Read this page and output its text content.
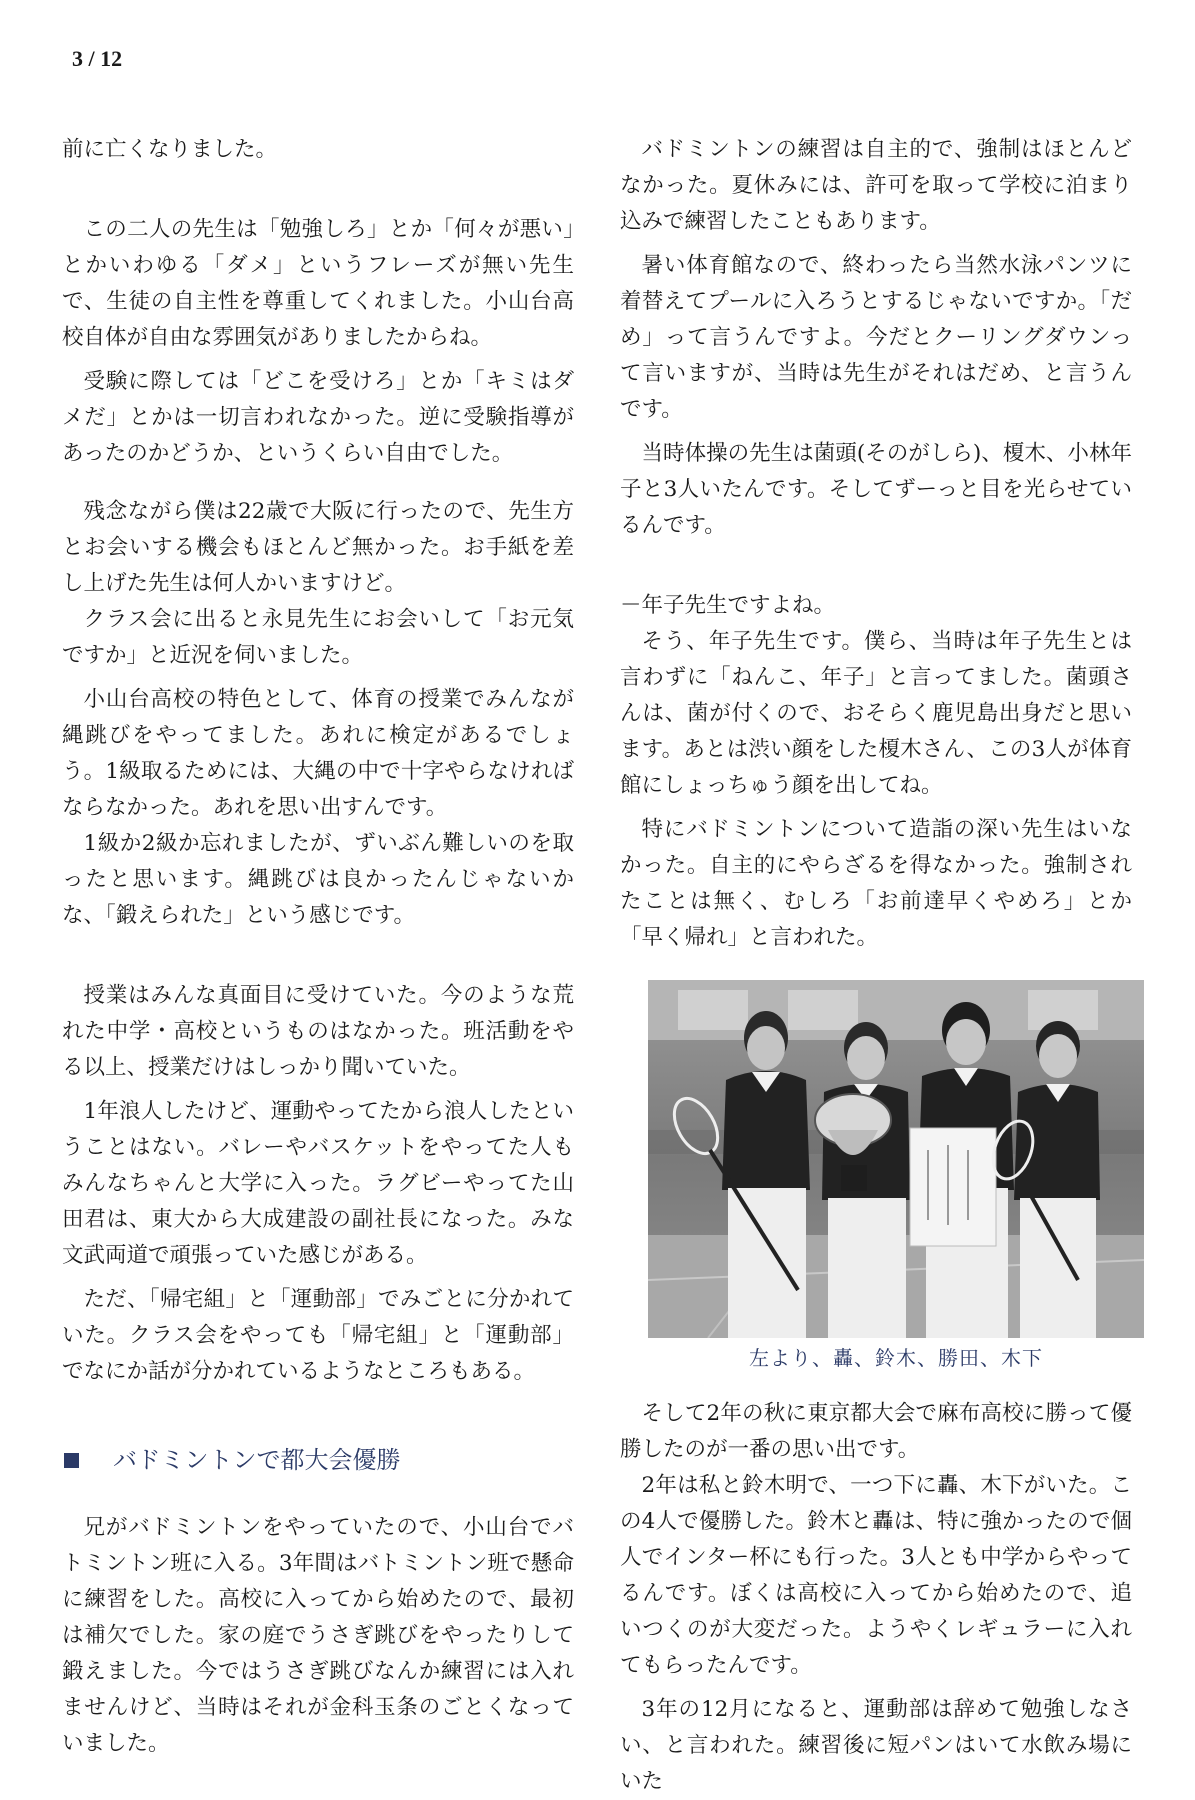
3 / 12

前に亡くなりました。

この二人の先生は「勉強しろ」とか「何々が悪い」とかいわゆる「ダメ」というフレーズが無い先生で、生徒の自主性を尊重してくれました。小山台高校自体が自由な雰囲気がありましたからね。

受験に際しては「どこを受けろ」とか「キミはダメだ」とかは一切言われなかった。逆に受験指導があったのかどうか、というくらい自由でした。

残念ながら僕は22歳で大阪に行ったので、先生方とお会いする機会もほとんど無かった。お手紙を差し上げた先生は何人かいますけど。

クラス会に出ると永見先生にお会いして「お元気ですか」と近況を伺いました。

小山台高校の特色として、体育の授業でみんなが縄跳びをやってました。あれに検定があるでしょう。1級取るためには、大縄の中で十字やらなければならなかった。あれを思い出すんです。

1級か2級か忘れましたが、ずいぶん難しいのを取ったと思います。縄跳びは良かったんじゃないかな、「鍛えられた」という感じです。

授業はみんな真面目に受けていた。今のような荒れた中学・高校というものはなかった。班活動をやる以上、授業だけはしっかり聞いていた。

1年浪人したけど、運動やってたから浪人したということはない。バレーやバスケットをやってた人もみんなちゃんと大学に入った。ラグビーやってた山田君は、東大から大成建設の副社長になった。みな文武両道で頑張っていた感じがある。

ただ、「帰宅組」と「運動部」でみごとに分かれていた。クラス会をやっても「帰宅組」と「運動部」でなにか話が分かれているようなところもある。

バドミントンで都大会優勝

兄がバドミントンをやっていたので、小山台でバトミントン班に入る。3年間はバトミントン班で懸命に練習をした。高校に入ってから始めたので、最初は補欠でした。家の庭でうさぎ跳びをやったりして鍛えました。今ではうさぎ跳びなんか練習には入れませんけど、当時はそれが金科玉条のごとくなっていました。

バドミントンの練習は自主的で、強制はほとんどなかった。夏休みには、許可を取って学校に泊まり込みで練習したこともあります。

暑い体育館なので、終わったら当然水泳パンツに着替えてプールに入ろうとするじゃないですか。「だめ」って言うんですよ。今だとクーリングダウンって言いますが、当時は先生がそれはだめ、と言うんです。

当時体操の先生は菌頭(そのがしら)、榎木、小林年子と3人いたんです。そしてずーっと目を光らせているんです。

－年子先生ですよね。

そう、年子先生です。僕ら、当時は年子先生とは言わずに「ねんこ、年子」と言ってました。菌頭さんは、菌が付くので、おそらく鹿児島出身だと思います。あとは渋い顔をした榎木さん、この3人が体育館にしょっちゅう顔を出してね。

特にバドミントンについて造詣の深い先生はいなかった。自主的にやらざるを得なかった。強制されたことは無く、むしろ「お前達早くやめろ」とか「早く帰れ」と言われた。

左より、轟、鈴木、勝田、木下

そして2年の秋に東京都大会で麻布高校に勝って優勝したのが一番の思い出です。

2年は私と鈴木明で、一つ下に轟、木下がいた。この4人で優勝した。鈴木と轟は、特に強かったので個人でインター杯にも行った。3人とも中学からやってるんです。ぼくは高校に入ってから始めたので、追いつくのが大変だった。ようやくレギュラーに入れてもらったんです。

3年の12月になると、運動部は辞めて勉強しなさい、と言われた。練習後に短パンはいて水飲み場にいた
